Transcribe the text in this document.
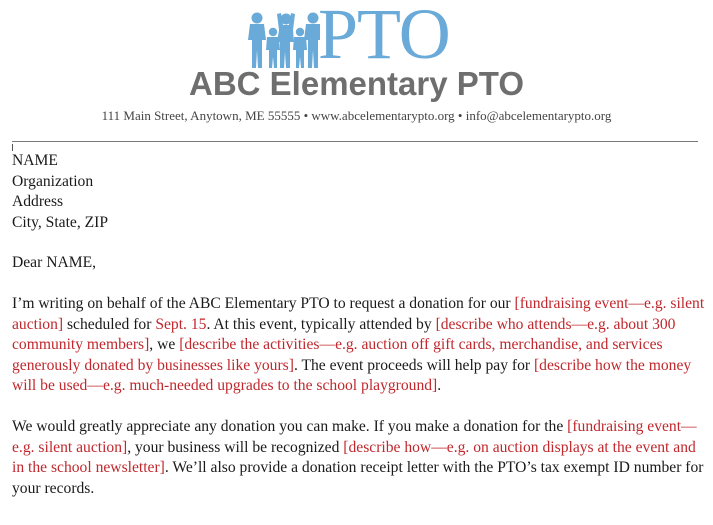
PTO
ABC Elementary PTO
111 Main Street, Anytown, ME 55555 • www.abcelementarypto.org • info@abcelementarypto.org
NAME
Organization
Address
City, State, ZIP
Dear NAME,

I’m writing on behalf of the ABC Elementary PTO to request a donation for our [fundraising event—e.g. silent auction] scheduled for Sept. 15. At this event, typically attended by [describe who attends—e.g. about 300 community members], we [describe the activities—e.g. auction off gift cards, merchandise, and services generously donated by businesses like yours]. The event proceeds will help pay for [describe how the money will be used—e.g. much-needed upgrades to the school playground].

We would greatly appreciate any donation you can make. If you make a donation for the [fundraising event—e.g. silent auction], your business will be recognized [describe how—e.g. on auction displays at the event and in the school newsletter]. We’ll also provide a donation receipt letter with the PTO’s tax exempt ID number for your records.
